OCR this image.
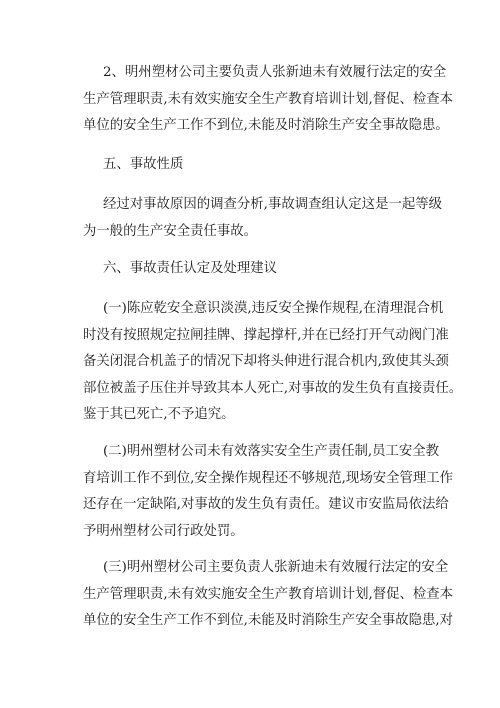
2、明州塑材公司主要负责人张新迪未有效履行法定的安全
生产管理职责,未有效实施安全生产教育培训计划,督促、检查本
单位的安全生产工作不到位,未能及时消除生产安全事故隐患。
五、事故性质
经过对事故原因的调查分析,事故调查组认定这是一起等级
为一般的生产安全责任事故。
六、事故责任认定及处理建议
(一)陈应乾安全意识淡漠,违反安全操作规程,在清理混合机
时没有按照规定拉闸挂牌、撑起撑杆,并在已经打开气动阀门准
备关闭混合机盖子的情况下却将头伸进行混合机内,致使其头颈
部位被盖子压住并导致其本人死亡,对事故的发生负有直接责任。
鉴于其已死亡,不予追究。
(二)明州塑材公司未有效落实安全生产责任制,员工安全教
育培训工作不到位,安全操作规程还不够规范,现场安全管理工作
还存在一定缺陷,对事故的发生负有责任。建议市安监局依法给
予明州塑材公司行政处罚。
(三)明州塑材公司主要负责人张新迪未有效履行法定的安全
生产管理职责,未有效实施安全生产教育培训计划,督促、检查本
单位的安全生产工作不到位,未能及时消除生产安全事故隐患,对
